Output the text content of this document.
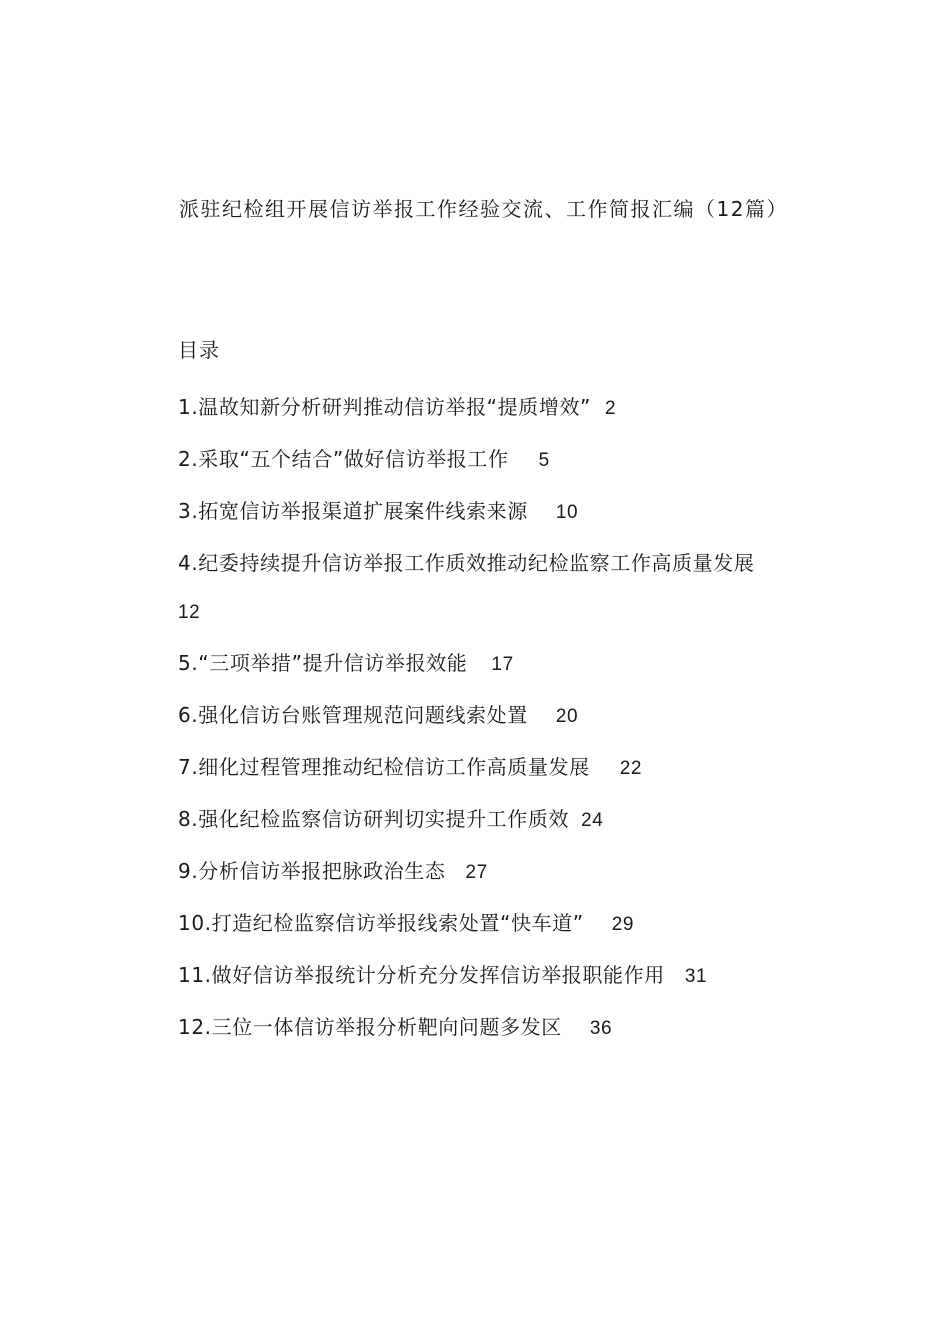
派驻纪检组开展信访举报工作经验交流、工作简报汇编（12篇）
目录
1.温故知新分析研判推动信访举报“提质增效” 2
2.采取“五个结合”做好信访举报工作 5
3.拓宽信访举报渠道扩展案件线索来源 10
4.纪委持续提升信访举报工作质效推动纪检监察工作高质量发展
12
5.“三项举措”提升信访举报效能 17
6.强化信访台账管理规范问题线索处置 20
7.细化过程管理推动纪检信访工作高质量发展 22
8.强化纪检监察信访研判切实提升工作质效 24
9.分析信访举报把脉政治生态 27
10.打造纪检监察信访举报线索处置“快车道” 29
11.做好信访举报统计分析充分发挥信访举报职能作用 31
12.三位一体信访举报分析靶向问题多发区 36
